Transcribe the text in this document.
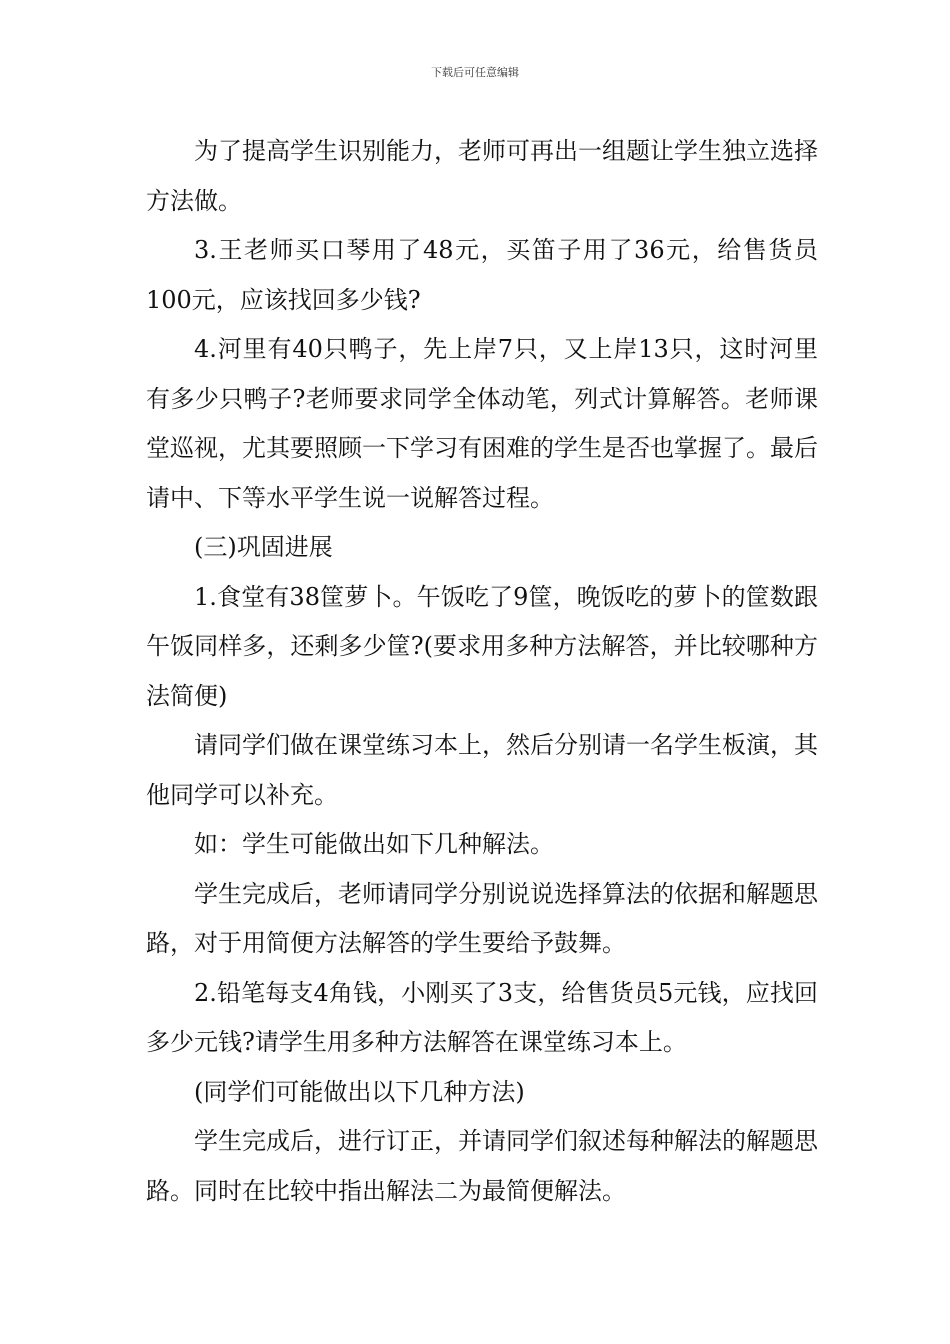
下载后可任意编辑

为了提高学生识别能力，老师可再出一组题让学生独立选择方法做。

3.王老师买口琴用了48元，买笛子用了36元，给售货员100元，应该找回多少钱?

4.河里有40只鸭子，先上岸7只，又上岸13只，这时河里有多少只鸭子?老师要求同学全体动笔，列式计算解答。老师课堂巡视，尤其要照顾一下学习有困难的学生是否也掌握了。最后请中、下等水平学生说一说解答过程。

(三)巩固进展

1.食堂有38筐萝卜。午饭吃了9筐，晚饭吃的萝卜的筐数跟午饭同样多，还剩多少筐?(要求用多种方法解答，并比较哪种方法简便)

请同学们做在课堂练习本上，然后分别请一名学生板演，其他同学可以补充。

如：学生可能做出如下几种解法。

学生完成后，老师请同学分别说说选择算法的依据和解题思路，对于用简便方法解答的学生要给予鼓舞。

2.铅笔每支4角钱，小刚买了3支，给售货员5元钱，应找回多少元钱?请学生用多种方法解答在课堂练习本上。

(同学们可能做出以下几种方法)

学生完成后，进行订正，并请同学们叙述每种解法的解题思路。同时在比较中指出解法二为最简便解法。
